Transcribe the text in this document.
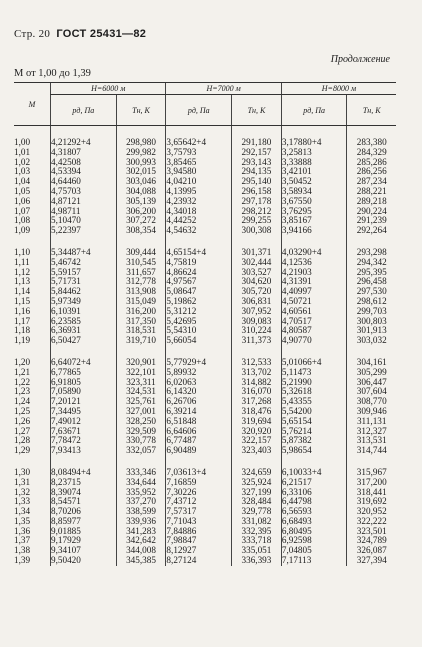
Стр. 20 ГОСТ 25431—82
Продолжение
М от 1,00 до 1,39
М	H=6000 м		H=7000 м		H=8000 м	
	pд, Па	Tн, К	pд, Па	Tн, К	pд, Па	Tн, К

1,00	4,21292+4	298,980	3,65642+4	291,180	3,17880+4	283,380
1,01	4,31807	299,982	3,75793	292,157	3,25813	284,329
1,02	4,42508	300,993	3,85465	293,143	3,33888	285,286
1,03	4,53394	302,015	3,94580	294,135	3,42101	286,256
1,04	4,64460	303,046	4,04210	295,140	3,50452	287,234
1,05	4,75703	304,088	4,13995	296,158	3,58934	288,221
1,06	4,87121	305,139	4,23932	297,178	3,67550	289,218
1,07	4,98711	306,200	4,34018	298,212	3,76295	290,224
1,08	5,10470	307,272	4,44252	299,255	3,85167	291,239
1,09	5,22397	308,354	4,54632	300,308	3,94166	292,264

1,10	5,34487+4	309,444	4,65154+4	301,371	4,03290+4	293,298
1,11	5,46742	310,545	4,75819	302,444	4,12536	294,342
1,12	5,59157	311,657	4,86624	303,527	4,21903	295,395
1,13	5,71731	312,778	4,97567	304,620	4,31391	296,458
1,14	5,84462	313,908	5,08647	305,720	4,40997	297,530
1,15	5,97349	315,049	5,19862	306,831	4,50721	298,612
1,16	6,10391	316,200	5,31212	307,952	4,60561	299,703
1,17	6,23585	317,350	5,42695	309,083	4,70517	300,803
1,18	6,36931	318,531	5,54310	310,224	4,80587	301,913
1,19	6,50427	319,710	5,66054	311,373	4,90770	303,032

1,20	6,64072+4	320,901	5,77929+4	312,533	5,01066+4	304,161
1,21	6,77865	322,101	5,89932	313,702	5,11473	305,299
1,22	6,91805	323,311	6,02063	314,882	5,21990	306,447
1,23	7,05890	324,531	6,14320	316,070	5,32618	307,604
1,24	7,20121	325,761	6,26706	317,268	5,43355	308,770
1,25	7,34495	327,001	6,39214	318,476	5,54200	309,946
1,26	7,49012	328,250	6,51848	319,694	5,65154	311,131
1,27	7,63671	329,509	6,64606	320,920	5,76214	312,327
1,28	7,78472	330,778	6,77487	322,157	5,87382	313,531
1,29	7,93413	332,057	6,90489	323,403	5,98654	314,744

1,30	8,08494+4	333,346	7,03613+4	324,659	6,10033+4	315,967
1,31	8,23715	334,644	7,16859	325,924	6,21517	317,200
1,32	8,39074	335,952	7,30226	327,199	6,33106	318,441
1,33	8,54571	337,270	7,43712	328,484	6,44798	319,692
1,34	8,70206	338,599	7,57317	329,778	6,56593	320,952
1,35	8,85977	339,936	7,71043	331,082	6,68493	322,222
1,36	9,01885	341,283	7,84886	332,395	6,80495	323,501
1,37	9,17929	342,642	7,98847	333,718	6,92598	324,789
1,38	9,34107	344,008	8,12927	335,051	7,04805	326,087
1,39	9,50420	345,385	8,27124	336,393	7,17113	327,394
